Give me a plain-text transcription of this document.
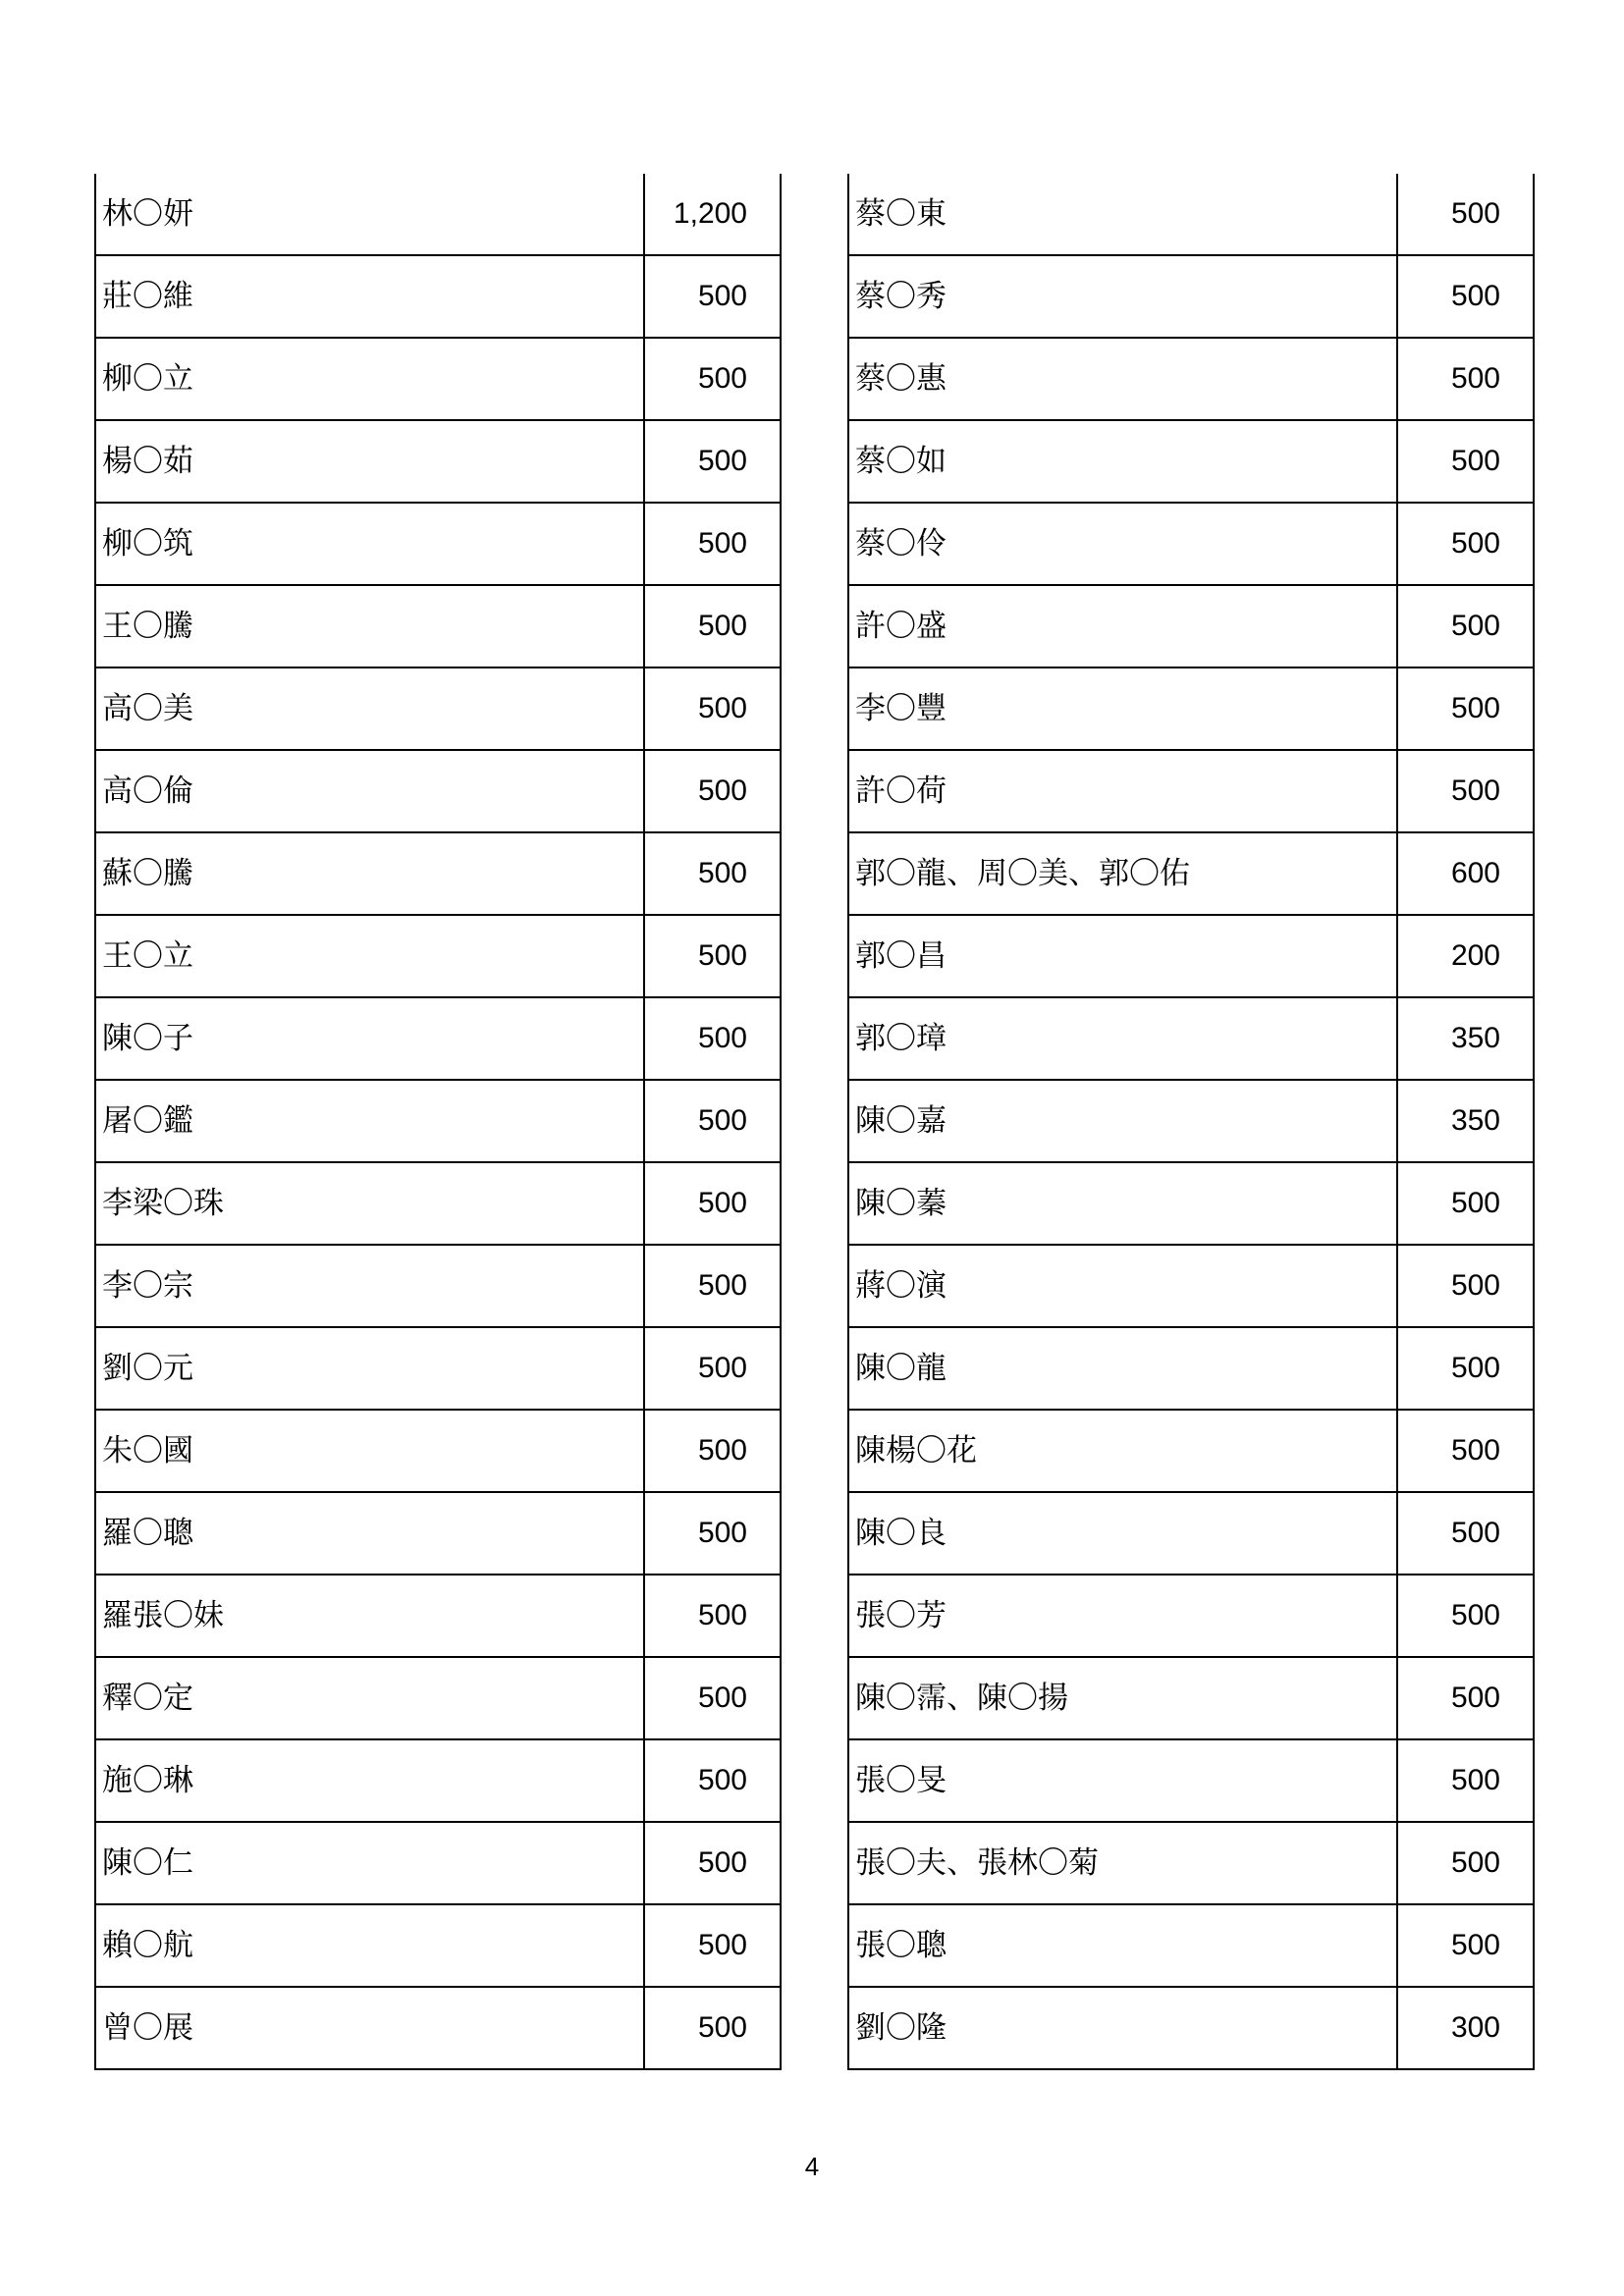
林〇妍	1,200
莊〇維	500
柳〇立	500
楊〇茹	500
柳〇筑	500
王〇騰	500
高〇美	500
高〇倫	500
蘇〇騰	500
王〇立	500
陳〇子	500
屠〇鑑	500
李梁〇珠	500
李〇宗	500
劉〇元	500
朱〇國	500
羅〇聰	500
羅張〇妹	500
釋〇定	500
施〇琳	500
陳〇仁	500
賴〇航	500
曾〇展	500
蔡〇東	500
蔡〇秀	500
蔡〇惠	500
蔡〇如	500
蔡〇伶	500
許〇盛	500
李〇豐	500
許〇荷	500
郭〇龍、周〇美、郭〇佑	600
郭〇昌	200
郭〇璋	350
陳〇嘉	350
陳〇蓁	500
蔣〇演	500
陳〇龍	500
陳楊〇花	500
陳〇良	500
張〇芳	500
陳〇霈、陳〇揚	500
張〇旻	500
張〇夫、張林〇菊	500
張〇聰	500
劉〇隆	300
4
